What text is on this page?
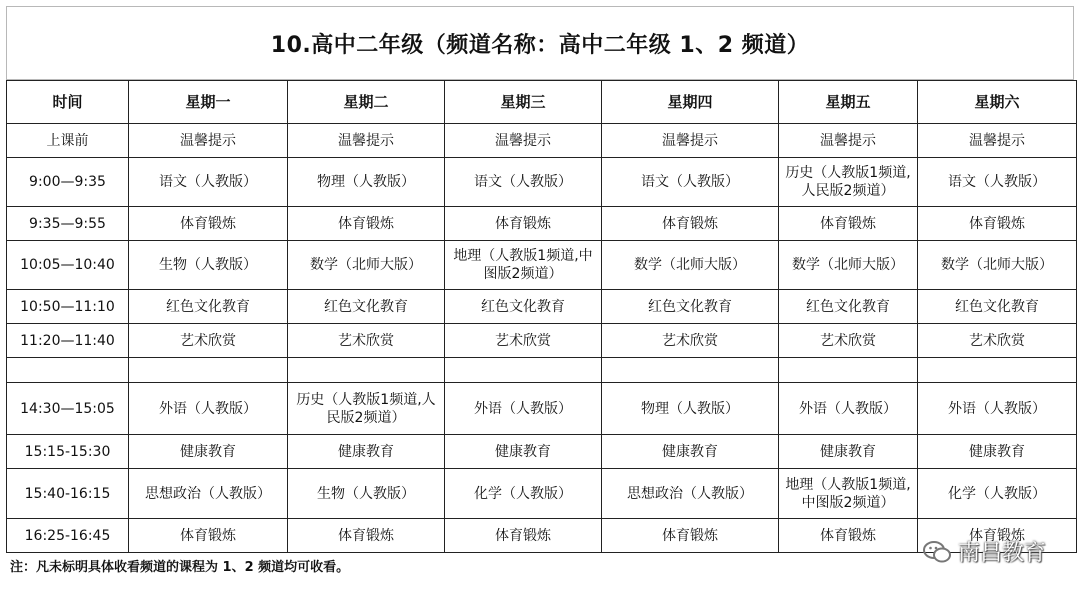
10.高中二年级（频道名称：高中二年级 1、2 频道）
时间	星期一	星期二	星期三	星期四	星期五	星期六
上课前	温馨提示	温馨提示	温馨提示	温馨提示	温馨提示	温馨提示
9:00—9:35	语文（人教版）	物理（人教版）	语文（人教版）	语文（人教版）	历史（人教版1频道,人民版2频道）	语文（人教版）
9:35—9:55	体育锻炼	体育锻炼	体育锻炼	体育锻炼	体育锻炼	体育锻炼
10:05—10:40	生物（人教版）	数学（北师大版）	地理（人教版1频道,中图版2频道）	数学（北师大版）	数学（北师大版）	数学（北师大版）
10:50—11:10	红色文化教育	红色文化教育	红色文化教育	红色文化教育	红色文化教育	红色文化教育
11:20—11:40	艺术欣赏	艺术欣赏	艺术欣赏	艺术欣赏	艺术欣赏	艺术欣赏

14:30—15:05	外语（人教版）	历史（人教版1频道,人民版2频道）	外语（人教版）	物理（人教版）	外语（人教版）	外语（人教版）
15:15-15:30	健康教育	健康教育	健康教育	健康教育	健康教育	健康教育
15:40-16:15	思想政治（人教版）	生物（人教版）	化学（人教版）	思想政治（人教版）	地理（人教版1频道,中图版2频道）	化学（人教版）
16:25-16:45	体育锻炼	体育锻炼	体育锻炼	体育锻炼	体育锻炼	体育锻炼
注：凡未标明具体收看频道的课程为 1、2 频道均可收看。
南昌教育
